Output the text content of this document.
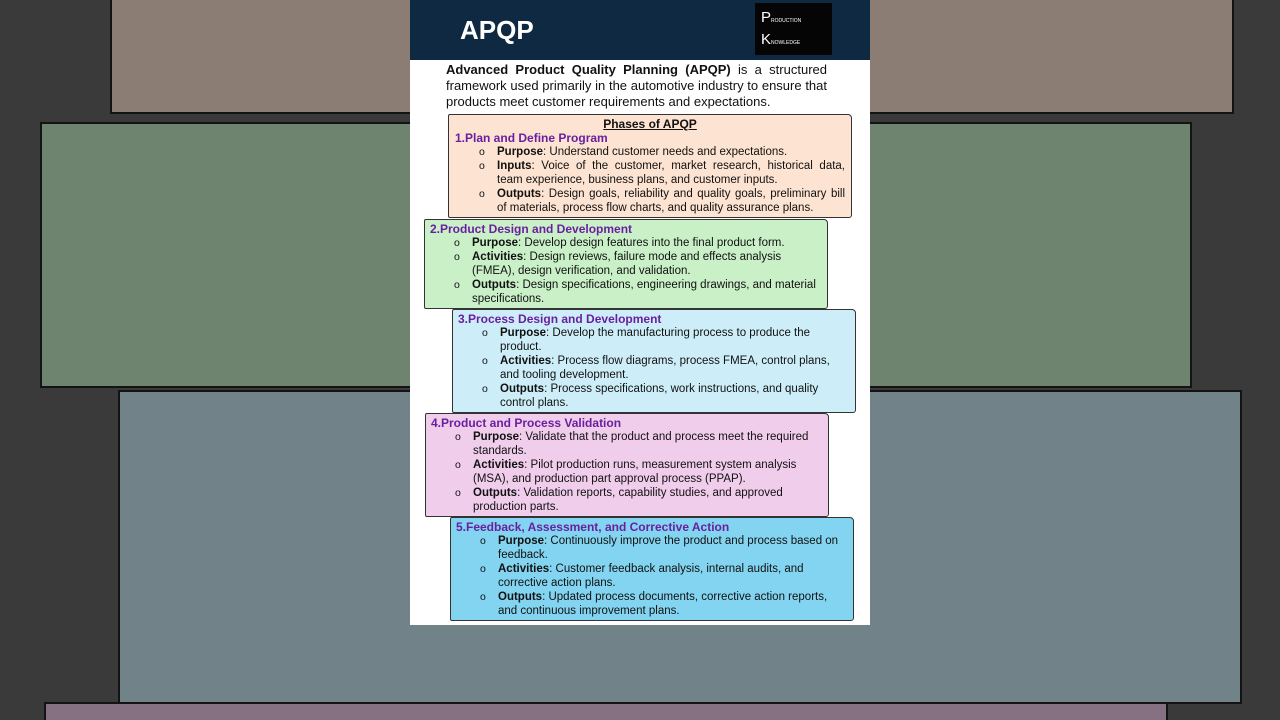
APQP	PRODUCTION
KNOWLEDGE
Advanced Product Quality Planning (APQP) is a structured framework used primarily in the automotive industry to ensure that products meet customer requirements and expectations.
Phases of APQP
1.Plan and Define Program
o Purpose: Understand customer needs and expectations.
o Inputs: Voice of the customer, market research, historical data, team experience, business plans, and customer inputs.
o Outputs: Design goals, reliability and quality goals, preliminary bill of materials, process flow charts, and quality assurance plans.
2.Product Design and Development
o Purpose: Develop design features into the final product form.
o Activities: Design reviews, failure mode and effects analysis (FMEA), design verification, and validation.
o Outputs: Design specifications, engineering drawings, and material specifications.
3.Process Design and Development
o Purpose: Develop the manufacturing process to produce the product.
o Activities: Process flow diagrams, process FMEA, control plans, and tooling development.
o Outputs: Process specifications, work instructions, and quality control plans.
4.Product and Process Validation
o Purpose: Validate that the product and process meet the required standards.
o Activities: Pilot production runs, measurement system analysis (MSA), and production part approval process (PPAP).
o Outputs: Validation reports, capability studies, and approved production parts.
5.Feedback, Assessment, and Corrective Action
o Purpose: Continuously improve the product and process based on feedback.
o Activities: Customer feedback analysis, internal audits, and corrective action plans.
o Outputs: Updated process documents, corrective action reports, and continuous improvement plans.
